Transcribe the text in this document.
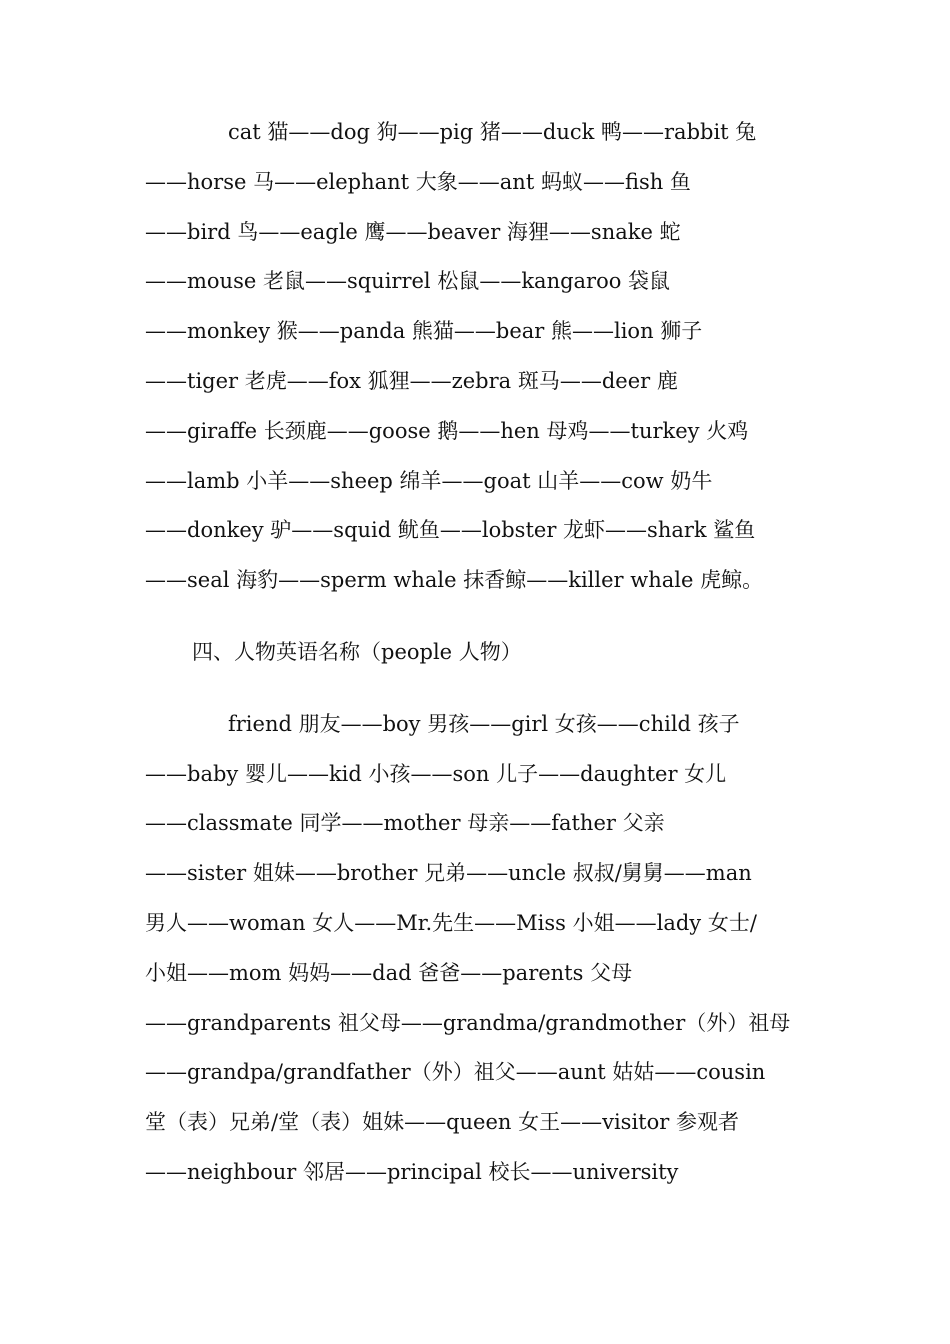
cat 猫——dog 狗——pig 猪——duck 鸭——rabbit 兔
——horse 马——elephant 大象——ant 蚂蚁——fish 鱼
——bird 鸟——eagle 鹰——beaver 海狸——snake 蛇
——mouse 老鼠——squirrel 松鼠——kangaroo 袋鼠
——monkey 猴——panda 熊猫——bear 熊——lion 狮子
——tiger 老虎——fox 狐狸——zebra 斑马——deer 鹿
——giraffe 长颈鹿——goose 鹅——hen 母鸡——turkey 火鸡
——lamb 小羊——sheep 绵羊——goat 山羊——cow 奶牛
——donkey 驴——squid 鱿鱼——lobster 龙虾——shark 鲨鱼
——seal 海豹——sperm whale 抹香鲸——killer whale 虎鲸。
四、人物英语名称（people 人物）
friend 朋友——boy 男孩——girl 女孩——child 孩子
——baby 婴儿——kid 小孩——son 儿子——daughter 女儿
——classmate 同学——mother 母亲——father 父亲
——sister 姐妹——brother 兄弟——uncle 叔叔/舅舅——man
男人——woman 女人——Mr.先生——Miss 小姐——lady 女士/
小姐——mom 妈妈——dad 爸爸——parents 父母
——grandparents 祖父母——grandma/grandmother（外）祖母
——grandpa/grandfather（外）祖父——aunt 姑姑——cousin
堂（表）兄弟/堂（表）姐妹——queen 女王——visitor 参观者
——neighbour 邻居——principal 校长——university
